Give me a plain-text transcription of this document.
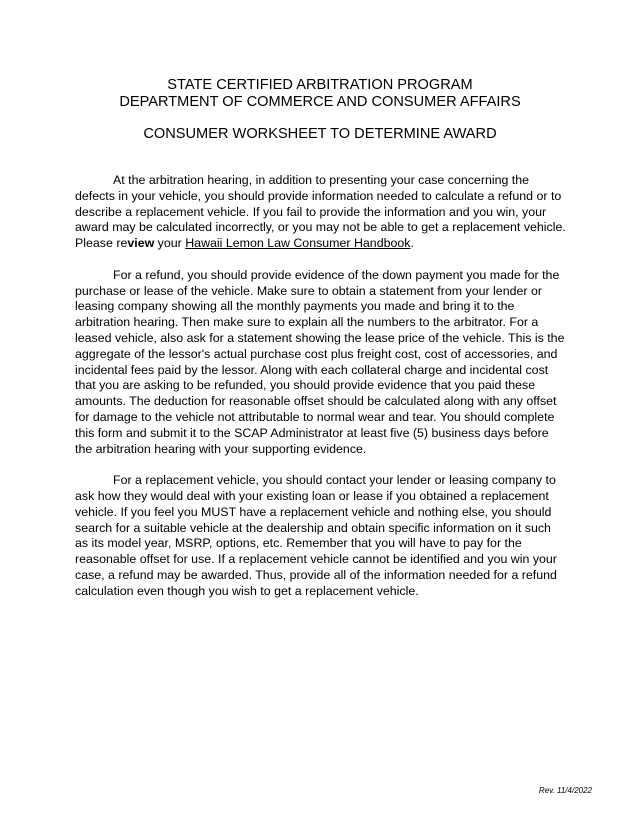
STATE CERTIFIED ARBITRATION PROGRAM
DEPARTMENT OF COMMERCE AND CONSUMER AFFAIRS
CONSUMER WORKSHEET TO DETERMINE AWARD

At the arbitration hearing, in addition to presenting your case concerning the defects in your vehicle, you should provide information needed to calculate a refund or to describe a replacement vehicle. If you fail to provide the information and you win, your award may be calculated incorrectly, or you may not be able to get a replacement vehicle. Please review your Hawaii Lemon Law Consumer Handbook.

For a refund, you should provide evidence of the down payment you made for the purchase or lease of the vehicle. Make sure to obtain a statement from your lender or leasing company showing all the monthly payments you made and bring it to the arbitration hearing. Then make sure to explain all the numbers to the arbitrator. For a leased vehicle, also ask for a statement showing the lease price of the vehicle. This is the aggregate of the lessor's actual purchase cost plus freight cost, cost of accessories, and incidental fees paid by the lessor. Along with each collateral charge and incidental cost that you are asking to be refunded, you should provide evidence that you paid these amounts. The deduction for reasonable offset should be calculated along with any offset for damage to the vehicle not attributable to normal wear and tear. You should complete this form and submit it to the SCAP Administrator at least five (5) business days before the arbitration hearing with your supporting evidence.

For a replacement vehicle, you should contact your lender or leasing company to ask how they would deal with your existing loan or lease if you obtained a replacement vehicle. If you feel you MUST have a replacement vehicle and nothing else, you should search for a suitable vehicle at the dealership and obtain specific information on it such as its model year, MSRP, options, etc. Remember that you will have to pay for the reasonable offset for use. If a replacement vehicle cannot be identified and you win your case, a refund may be awarded. Thus, provide all of the information needed for a refund calculation even though you wish to get a replacement vehicle.

Rev. 11/4/2022
